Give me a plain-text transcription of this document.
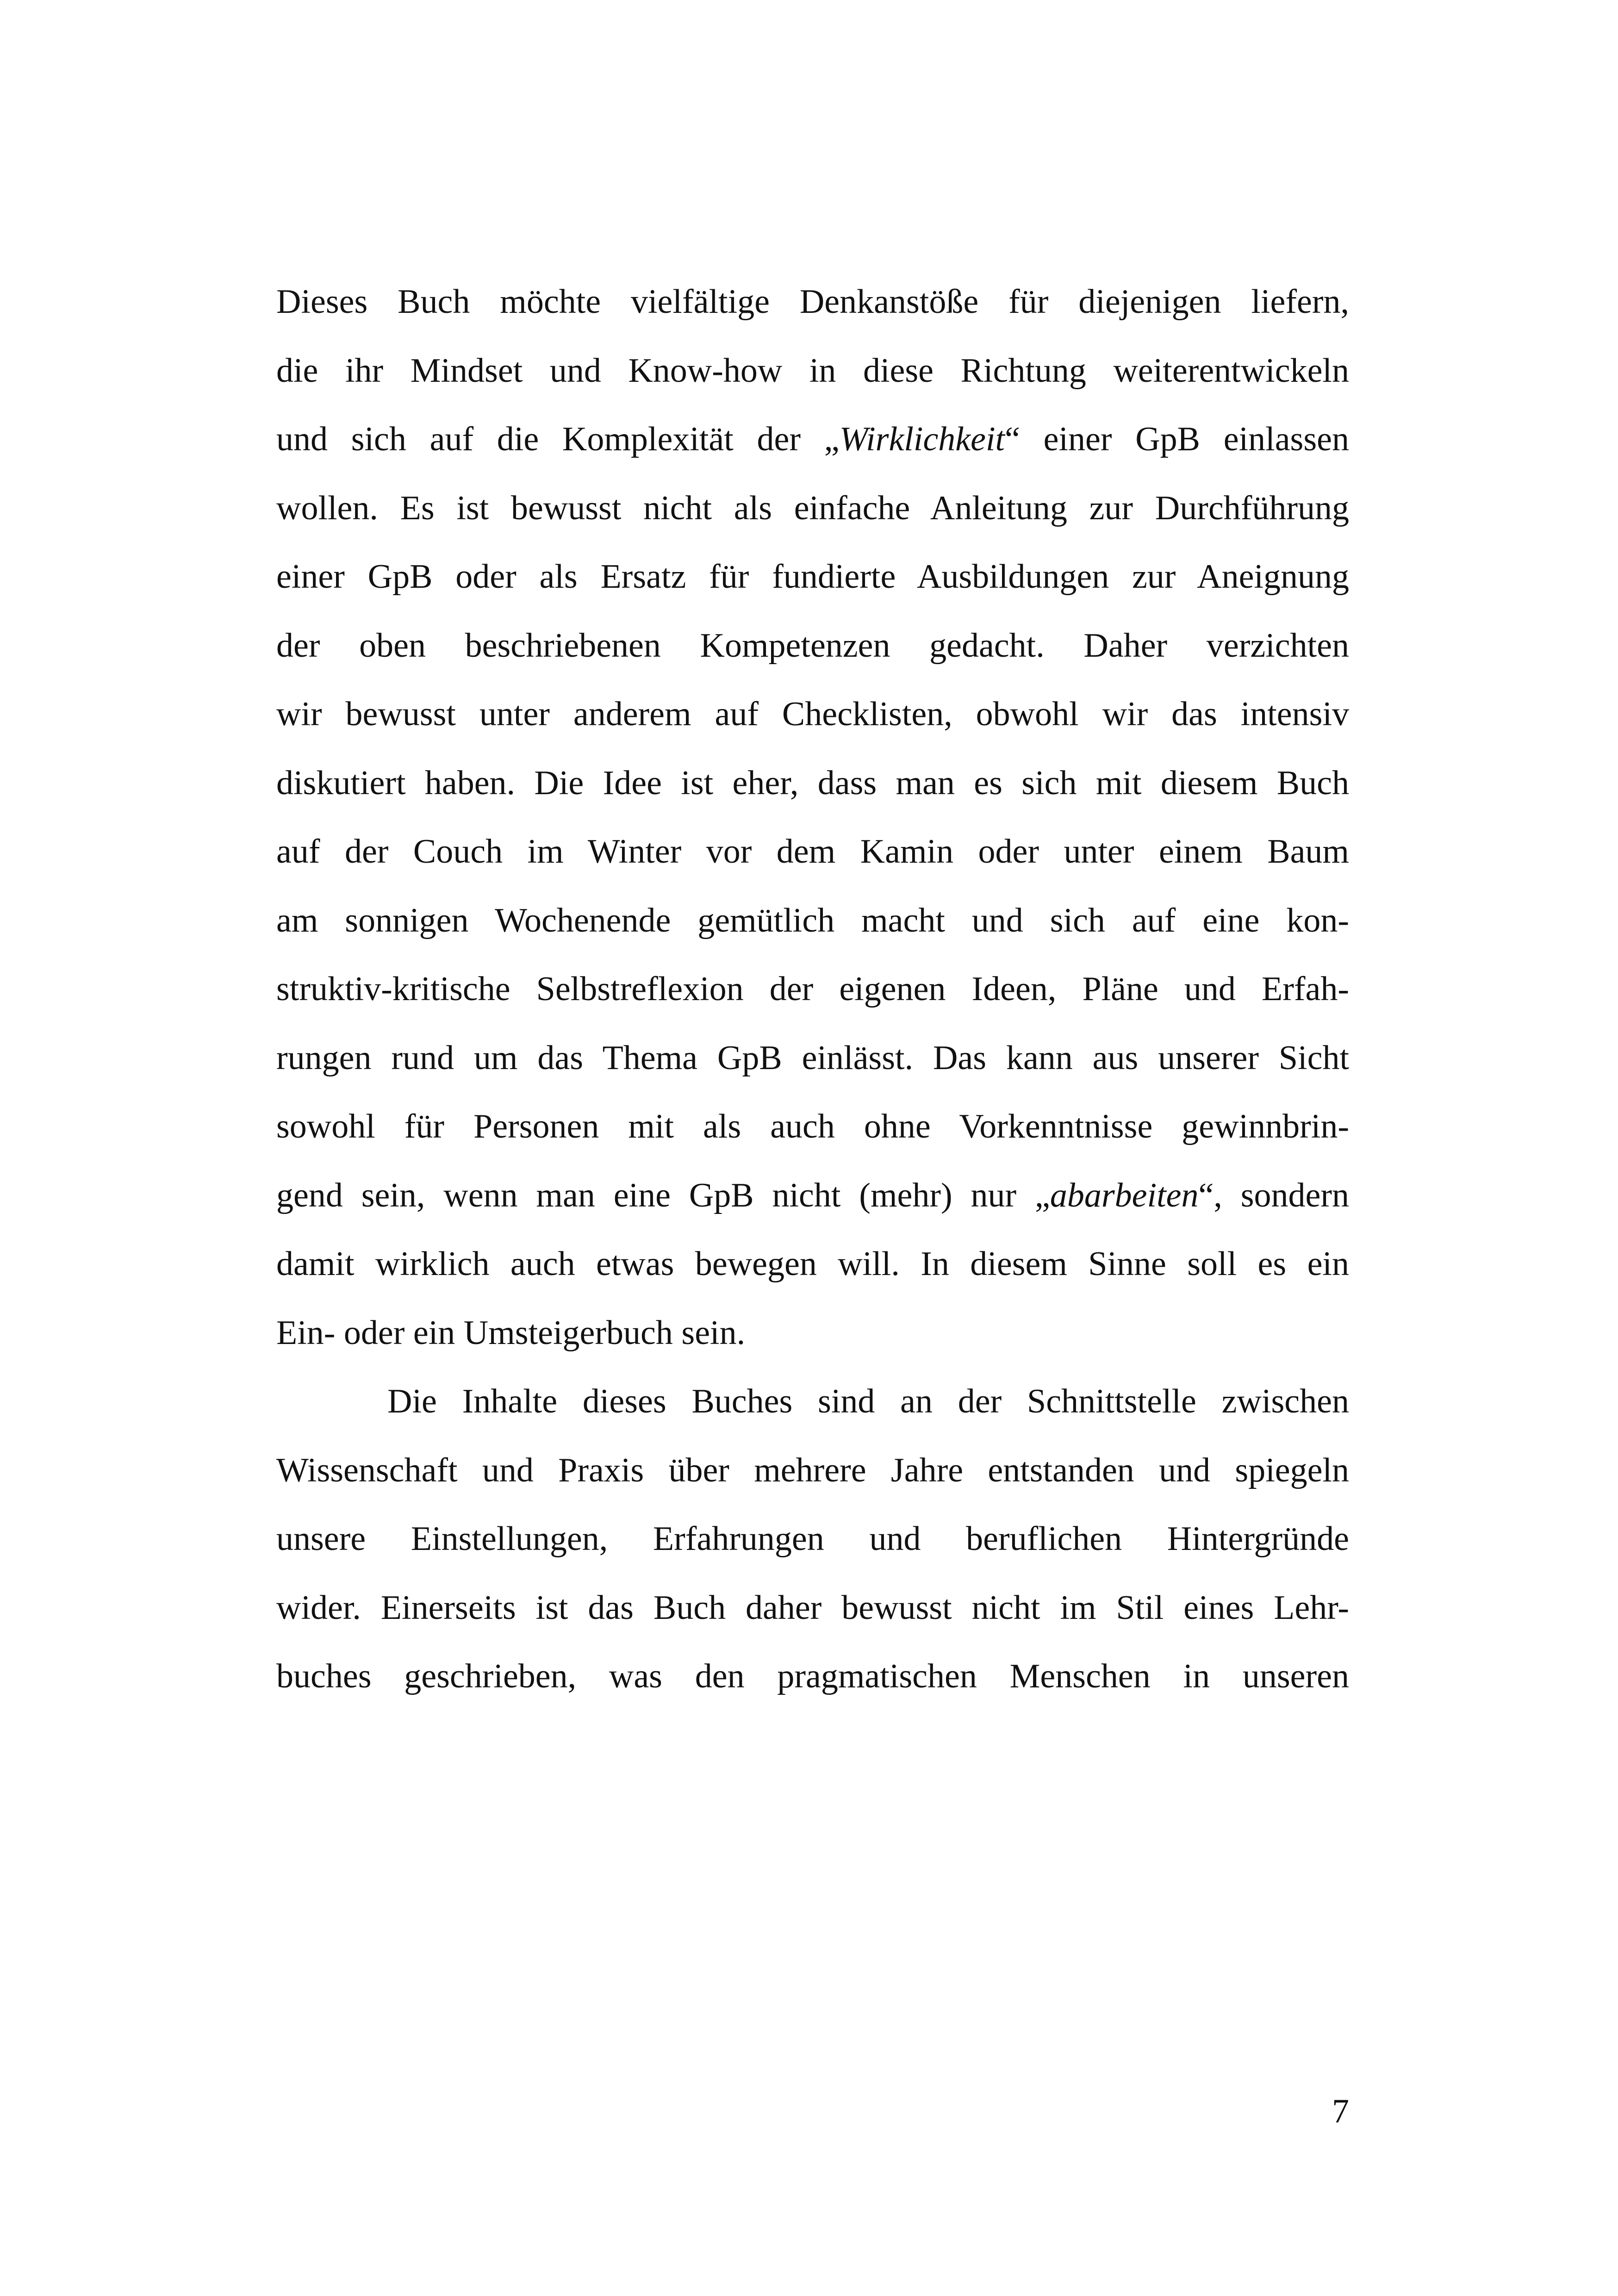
Dieses Buch möchte vielfältige Denkanstöße für diejenigen liefern,
die ihr Mindset und Know-how in diese Richtung weiterentwickeln
und sich auf die Komplexität der „Wirklichkeit“ einer GpB einlassen
wollen. Es ist bewusst nicht als einfache Anleitung zur Durchführung
einer GpB oder als Ersatz für fundierte Ausbildungen zur Aneignung
der oben beschriebenen Kompetenzen gedacht. Daher verzichten
wir bewusst unter anderem auf Checklisten, obwohl wir das intensiv
diskutiert haben. Die Idee ist eher, dass man es sich mit diesem Buch
auf der Couch im Winter vor dem Kamin oder unter einem Baum
am sonnigen Wochenende gemütlich macht und sich auf eine kon-
struktiv-kritische Selbstreflexion der eigenen Ideen, Pläne und Erfah-
rungen rund um das Thema GpB einlässt. Das kann aus unserer Sicht
sowohl für Personen mit als auch ohne Vorkenntnisse gewinnbrin-
gend sein, wenn man eine GpB nicht (mehr) nur „abarbeiten“, sondern
damit wirklich auch etwas bewegen will. In diesem Sinne soll es ein
Ein- oder ein Umsteigerbuch sein.
Die Inhalte dieses Buches sind an der Schnittstelle zwischen
Wissenschaft und Praxis über mehrere Jahre entstanden und spiegeln
unsere Einstellungen, Erfahrungen und beruflichen Hintergründe
wider. Einerseits ist das Buch daher bewusst nicht im Stil eines Lehr-
buches geschrieben, was den pragmatischen Menschen in unseren
7
